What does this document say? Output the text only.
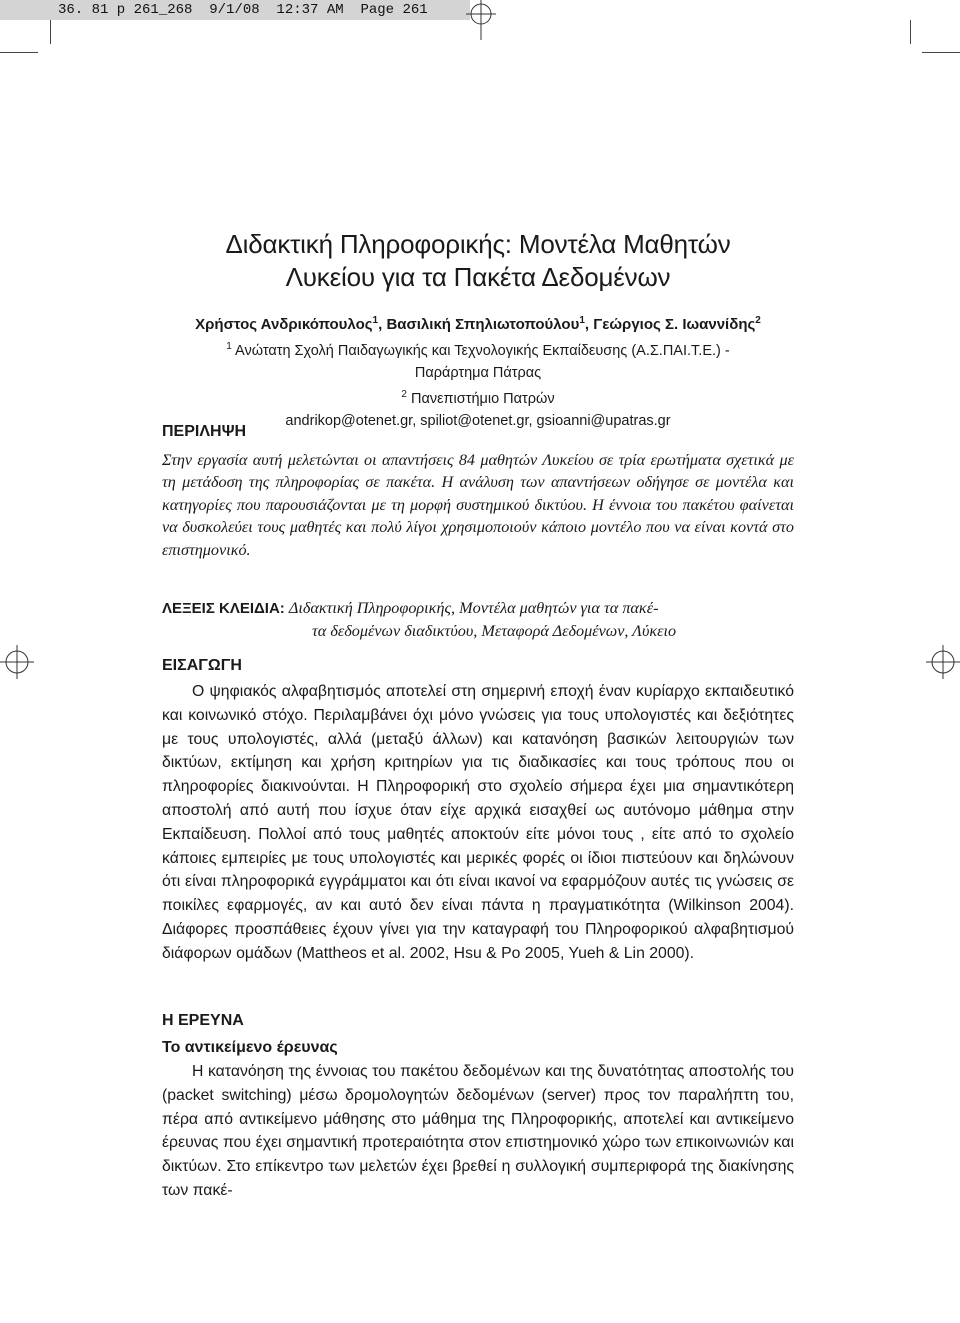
36. 81 p 261_268  9/1/08  12:37 AM  Page 261
Διδακτική Πληροφορικής: Μοντέλα Μαθητών
Λυκείου για τα Πακέτα Δεδομένων
Χρήστος Ανδρικόπουλος$^1$, Βασιλική Σπηλιωτοπούλου$^1$, Γεώργιος Σ. Ιωαννίδης$^2$
$^1$ Ανώτατη Σχολή Παιδαγωγικής και Τεχνολογικής Εκπαίδευσης (Α.Σ.ΠΑΙ.Τ.Ε.) -
Παράρτημα Πάτρας
$^2$ Πανεπιστήμιο Πατρών
andrikop@otenet.gr, spiliot@otenet.gr, gsioanni@upatras.gr
ΠΕΡΙΛΗΨΗ

Στην εργασία αυτή μελετώνται οι απαντήσεις 84 μαθητών Λυκείου σε τρία ερωτήματα σχετικά με τη μετάδοση της πληροφορίας σε πακέτα. Η ανάλυση των απαντήσεων οδήγησε σε μοντέλα και κατηγορίες που παρουσιάζονται με τη μορφή συστημικού δικτύου. Η έννοια του πακέτου φαίνεται να δυσκολεύει τους μαθητές και πολύ λίγοι χρησιμοποιούν κάποιο μοντέλο που να είναι κοντά στο επιστημονικό.

ΛΕΞΕΙΣ ΚΛΕΙΔΙΑ: Διδακτική Πληροφορικής, Μοντέλα μαθητών για τα πακέ-
τα δεδομένων διαδικτύου, Μεταφορά Δεδομένων, Λύκειο
ΕΙΣΑΓΩΓΗ

Ο ψηφιακός αλφαβητισμός αποτελεί στη σημερινή εποχή έναν κυρίαρχο εκπαιδευτικό και κοινωνικό στόχο. Περιλαμβάνει όχι μόνο γνώσεις για τους υπολογιστές και δεξιότητες με τους υπολογιστές, αλλά (μεταξύ άλλων) και κατανόηση βασικών λειτουργιών των δικτύων, εκτίμηση και χρήση κριτηρίων για τις διαδικασίες και τους τρόπους που οι πληροφορίες διακινούνται. Η Πληροφορική στο σχολείο σήμερα έχει μια σημαντικότερη αποστολή από αυτή που ίσχυε όταν είχε αρχικά εισαχθεί ως αυτόνομο μάθημα στην Εκπαίδευση. Πολλοί από τους μαθητές αποκτούν είτε μόνοι τους , είτε από το σχολείο κάποιες εμπειρίες με τους υπολογιστές και μερικές φορές οι ίδιοι πιστεύουν και δηλώνουν ότι είναι πληροφορικά εγγράμματοι και ότι είναι ικανοί να εφαρμόζουν αυτές τις γνώσεις σε ποικίλες εφαρμογές, αν και αυτό δεν είναι πάντα η πραγματικότητα (Wilkinson 2004). Διάφορες προσπάθειες έχουν γίνει για την καταγραφή του Πληροφορικού αλφαβητισμού διάφορων ομάδων (Mattheos et al. 2002, Hsu & Po 2005, Yueh & Lin 2000).

Η ΕΡΕΥΝΑ

Το αντικείμενο έρευνας

Η κατανόηση της έννοιας του πακέτου δεδομένων και της δυνατότητας αποστολής του (packet switching) μέσω δρομολογητών δεδομένων (server) προς τον παραλήπτη του, πέρα από αντικείμενο μάθησης στο μάθημα της Πληροφορικής, αποτελεί και αντικείμενο έρευνας που έχει σημαντική προτεραιότητα στον επιστημονικό χώρο των επικοινωνιών και δικτύων. Στο επίκεντρο των μελετών έχει βρεθεί η συλλογική συμπεριφορά της διακίνησης των πακέ-
